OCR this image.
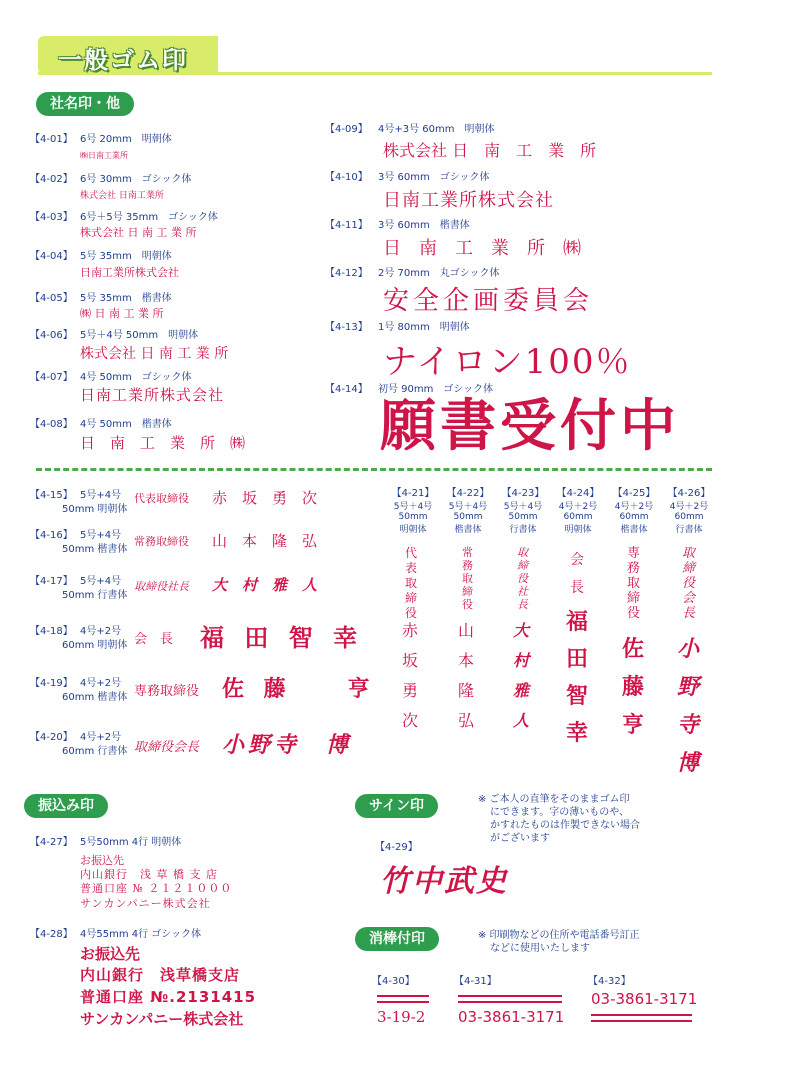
一般ゴム印
社名印・他
【4-01】 6号 20mm　明朝体
㈱日南工業所
【4-02】 6号 30mm　ゴシック体
株式会社 日南工業所
【4-03】 6号＋5号 35mm　ゴシック体
株式会社 日 南 工 業 所
【4-04】 5号 35mm　明朝体
日南工業所株式会社
【4-05】 5号 35mm　楷書体
㈱ 日 南 工 業 所
【4-06】 5号＋4号 50mm　明朝体
株式会社 日 南 工 業 所
【4-07】 4号 50mm　ゴシック体
日南工業所株式会社
【4-08】 4号 50mm　楷書体
日　南　工　業　所　㈱
【4-09】 4号+3号 60mm　明朝体
株式会社 日　南　工　業　所
【4-10】 3号 60mm　ゴシック体
日南工業所株式会社
【4-11】 3号 60mm　楷書体
日　南　工　業　所　㈱
【4-12】 2号 70mm　丸ゴシック体
安全企画委員会
【4-13】 1号 80mm　明朝体
ナイロン100％
【4-14】 初号 90mm　ゴシック体
願書受付中
【4-15】 5号+4号
50mm 明朝体
代表取締役 赤　坂　勇　次
【4-16】 5号+4号
50mm 楷書体
常務取締役 山　本　隆　弘
【4-17】 5号+4号
50mm 行書体
取締役社長 大　村　雅　人
【4-18】 4号+2号
60mm 明朝体 会　長 福 田 智 幸
【4-19】 4号+2号
60mm 楷書体 専務取締役 佐 藤　　亨
【4-20】 4号+2号
60mm 行書体 取締役会長 小野寺　博
【4-21】
5号＋4号
50mm
明朝体
【4-22】
5号＋4号
50mm
楷書体
【4-23】
5号＋4号
50mm
行書体
【4-24】
4号＋2号
60mm
明朝体
【4-25】
4号＋2号
60mm
楷書体
【4-26】
4号＋2号
60mm
行書体
代表取締役
常務取締役
取締役社長
会長
専務取締役
取締役会長
赤坂勇次
山本隆弘
大村雅人
福田智幸
佐藤亨
小野寺博
振込み印
【4-27】 5号50mm 4行 明朝体
お振込先
内山銀行　浅 草 橋 支 店
普通口座 № ２１２１０００
サンカンパニー株式会社
【4-28】 4号55mm 4行 ゴシック体
お振込先
内山銀行　浅草橋支店
普通口座 №.2131415
サンカンパニー株式会社
サイン印	※ ご本人の直筆をそのままゴム印
にできます。字の薄いものや、
かすれたものは作製できない場合
がございます
【4-29】
竹中武史
消棒付印	※ 印刷物などの住所や電話番号訂正
などに使用いたします
【4-30】
3-19-2
【4-31】
03-3861-3171
【4-32】
03-3861-3171
